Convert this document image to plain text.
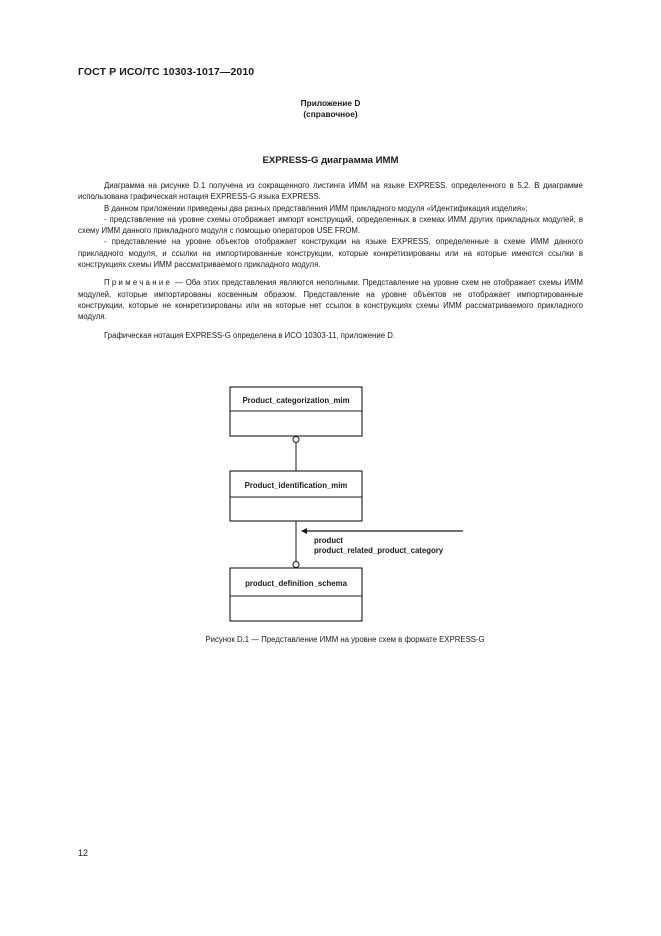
ГОСТ Р ИСО/ТС 10303-1017—2010
Приложение D
(справочное)
EXPRESS-G диаграмма ИММ

Диаграмма на рисунке D.1 получена из сокращенного листинга ИММ на языке EXPRESS. определенного в 5.2. В диаграмме использована графическая нотация EXPRESS-G языка EXPRESS.

В данном приложении приведены два разных представления ИММ прикладного модуля «Идентификация изделия»:

- представление на уровне схемы отображает импорт конструкций, определенных в схемах ИММ других прикладных модулей, в схему ИММ данного прикладного модуля с помощью операторов USE FROM.

- представление на уровне объектов отображает конструкции на языке EXPRESS, определенные в схеме ИММ данного прикладного модуля, и ссылки на импортированные конструкции, которые конкретизированы или на которые имеются ссылки в конструкциях схемы ИММ рассматриваемого прикладного модуля.

Примечание — Оба этих представления являются неполными. Представление на уровне схем не отображает схемы ИММ модулей, которые импортированы косвенным образом. Представление на уровне объектов не отображает импортированные конструкции, которые не конкретизированы или на которые нет ссылок в конструкциях схемы ИММ рассматриваемого прикладного модуля.

Графическая нотация EXPRESS-G определена в ИСО 10303-11, приложение D.

Product_categorization_mim
Product_identification_mim
product
product_related_product_category
product_definition_schema
Рисунок D.1 — Представление ИММ на уровне схем в формате EXPRESS-G
12
